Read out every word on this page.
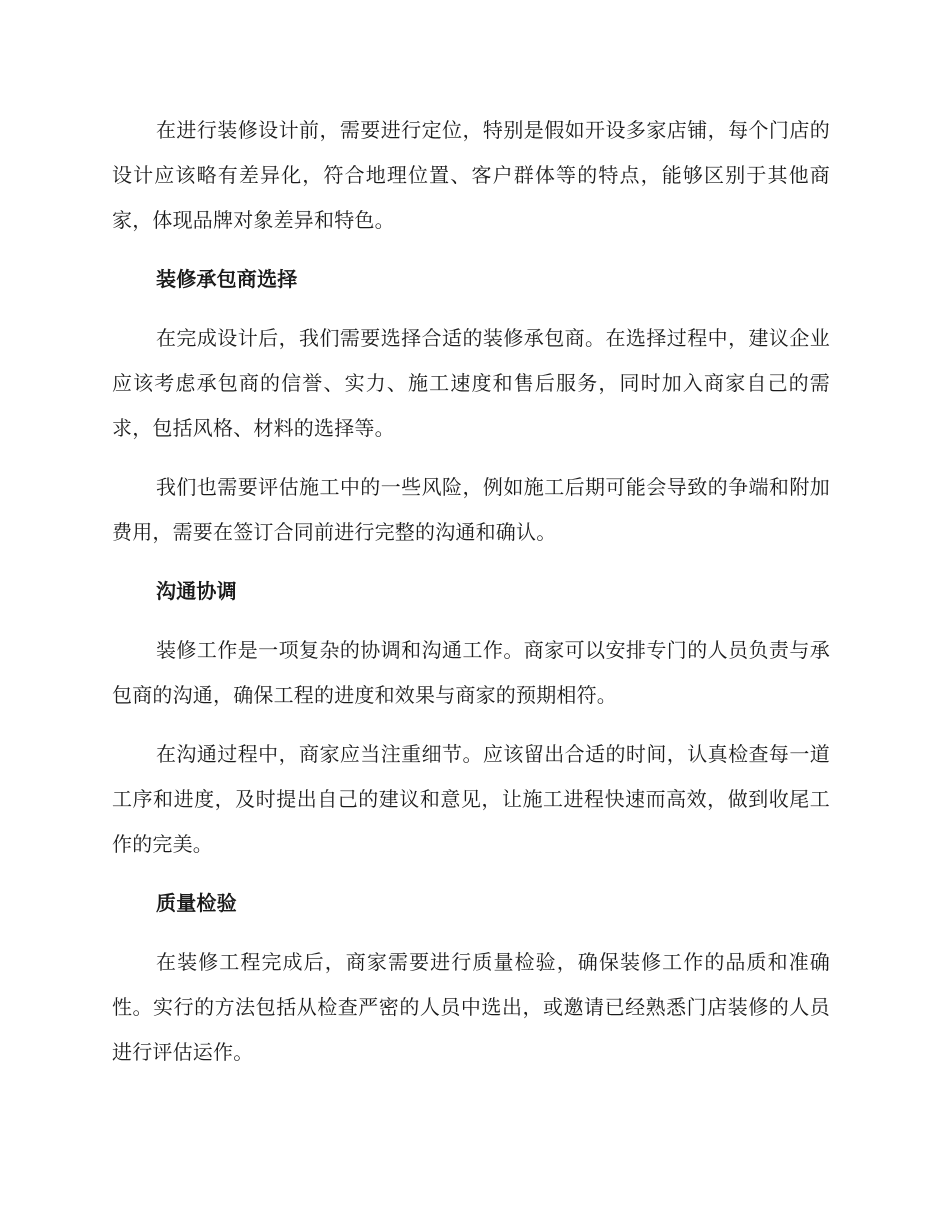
在进行装修设计前，需要进行定位，特别是假如开设多家店铺，每个门店的设计应该略有差异化，符合地理位置、客户群体等的特点，能够区别于其他商家，体现品牌对象差异和特色。

装修承包商选择

在完成设计后，我们需要选择合适的装修承包商。在选择过程中，建议企业应该考虑承包商的信誉、实力、施工速度和售后服务，同时加入商家自己的需求，包括风格、材料的选择等。

我们也需要评估施工中的一些风险，例如施工后期可能会导致的争端和附加费用，需要在签订合同前进行完整的沟通和确认。

沟通协调

装修工作是一项复杂的协调和沟通工作。商家可以安排专门的人员负责与承包商的沟通，确保工程的进度和效果与商家的预期相符。

在沟通过程中，商家应当注重细节。应该留出合适的时间，认真检查每一道工序和进度，及时提出自己的建议和意见，让施工进程快速而高效，做到收尾工作的完美。

质量检验

在装修工程完成后，商家需要进行质量检验，确保装修工作的品质和准确性。实行的方法包括从检查严密的人员中选出，或邀请已经熟悉门店装修的人员进行评估运作。
